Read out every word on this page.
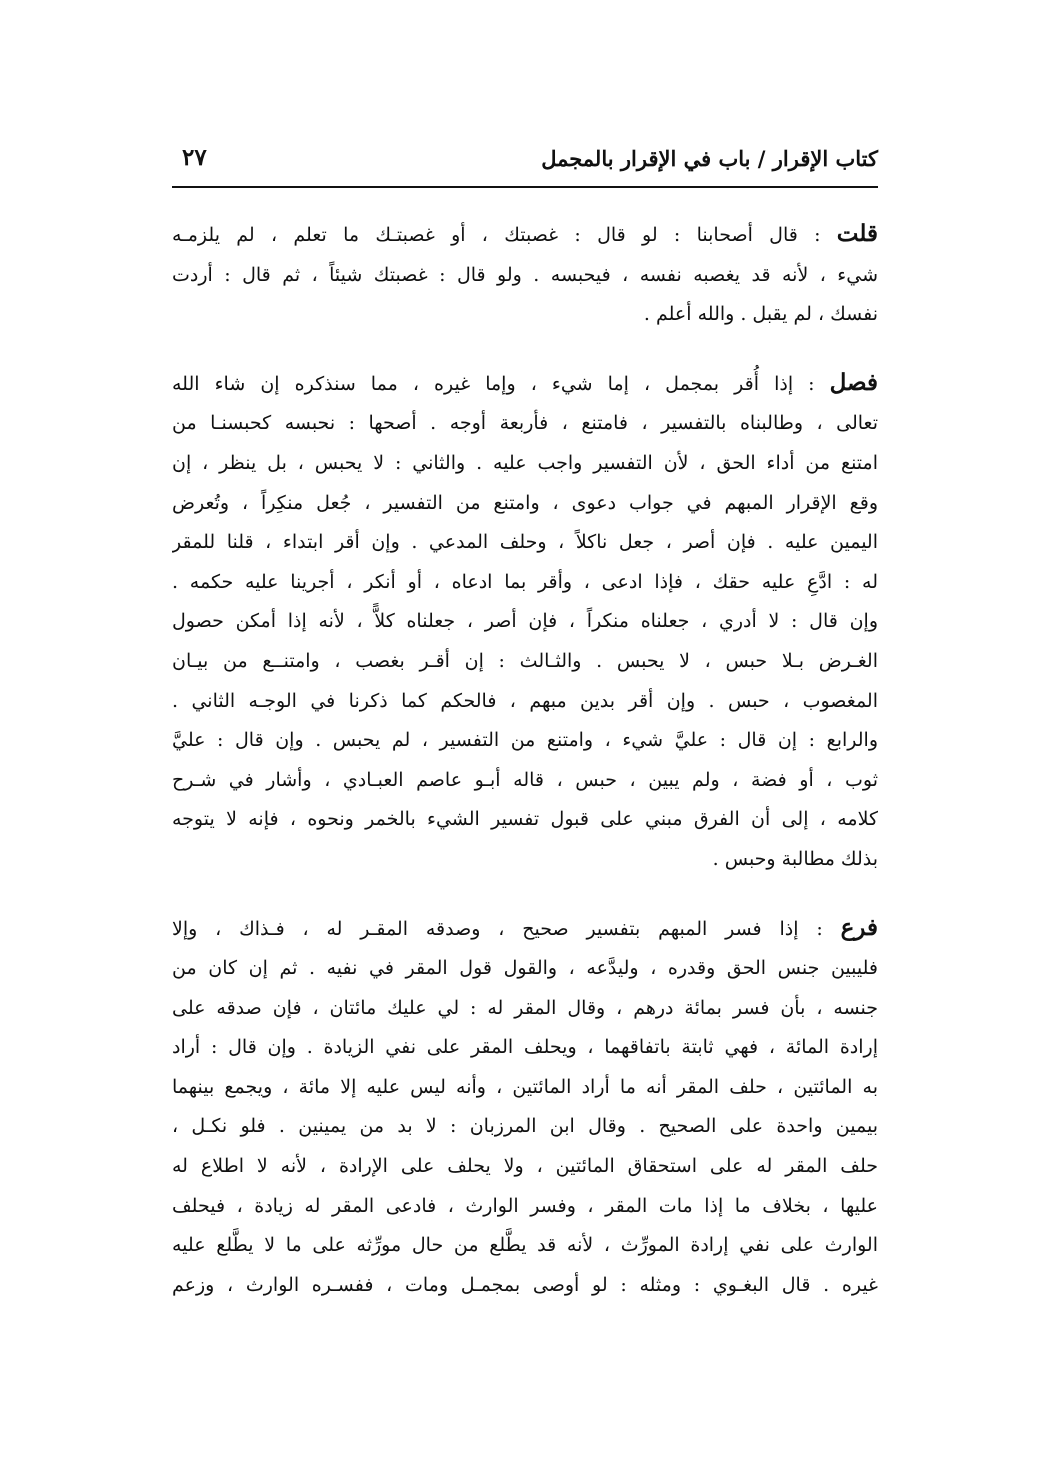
كتاب الإقرار / باب في الإقرار بالمجمل
٢٧
قلت : قال أصحابنا : لو قال : غصبتك ، أو غصبتـك ما تعلم ، لم يلزمـه
شيء ، لأنه قد يغصبه نفسه ، فيحبسه . ولو قال : غصبتك شيئاً ، ثم قال : أردت
نفسك ، لم يقبل . والله أعلم .
فصل : إذا أُقر بمجمل ، إما شيء ، وإما غيره ، مما سنذكره إن شاء الله
تعالى ، وطالبناه بالتفسير ، فامتنع ، فأربعة أوجه . أصحها : نحبسه كحبسنـا من
امتنع من أداء الحق ، لأن التفسير واجب عليه . والثاني : لا يحبس ، بل ينظر ، إن
وقع الإقرار المبهم في جواب دعوى ، وامتنع من التفسير ، جُعل منكِراً ، وتُعرض
اليمين عليه . فإن أصر ، جعل ناكلاً ، وحلف المدعي . وإن أقر ابتداء ، قلنا للمقر
له : ادَّعِ عليه حقك ، فإذا ادعى ، وأقر بما ادعاه ، أو أنكر ، أجرينا عليه حكمه .
وإن قال : لا أدري ، جعلناه منكراً ، فإن أصر ، جعلناه كلاًّ ، لأنه إذا أمكن حصول
الغـرض بـلا حبس ، لا يحبس . والثـالث : إن أقـر بغصب ، وامتنــع من بيـان
المغصوب ، حبس . وإن أقر بدين مبهم ، فالحكم كما ذكرنا في الوجـه الثاني .
والرابع : إن قال : عليَّ شيء ، وامتنع من التفسير ، لم يحبس . وإن قال : عليَّ
ثوب ، أو فضة ، ولم يبين ، حبس ، قاله أبـو عاصم العبـادي ، وأشار في شـرح
كلامه ، إلى أن الفرق مبني على قبول تفسير الشيء بالخمر ونحوه ، فإنه لا يتوجه
بذلك مطالبة وحبس .
فرع : إذا فسر المبهم بتفسير صحيح ، وصدقه المقـر له ، فـذاك ، وإلا
فليبين جنس الحق وقدره ، وليدَّعه ، والقول قول المقر في نفيه . ثم إن كان من
جنسه ، بأن فسر بمائة درهم ، وقال المقر له : لي عليك مائتان ، فإن صدقه على
إرادة المائة ، فهي ثابتة باتفاقهما ، ويحلف المقر على نفي الزيادة . وإن قال : أراد
به المائتين ، حلف المقر أنه ما أراد المائتين ، وأنه ليس عليه إلا مائة ، ويجمع بينهما
بيمين واحدة على الصحيح . وقال ابن المرزبان : لا بد من يمينين . فلو نكـل ،
حلف المقر له على استحقاق المائتين ، ولا يحلف على الإرادة ، لأنه لا اطلاع له
عليها ، بخلاف ما إذا مات المقر ، وفسر الوارث ، فادعى المقر له زيادة ، فيحلف
الوارث على نفي إرادة المورِّث ، لأنه قد يطَّلع من حال مورِّثه على ما لا يطَّلع عليه
غيره . قال البغـوي : ومثله : لو أوصى بمجمـل ومات ، ففسـره الوارث ، وزعم
